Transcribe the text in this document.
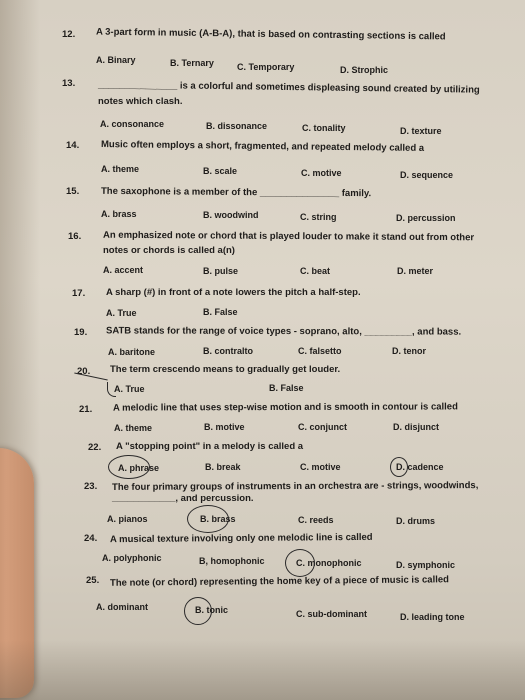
12. A 3-part form in music (A-B-A), that is based on contrasting sections is called
A. Binary	B. Ternary	C. Temporary	D. Strophic
13. _______________ is a colorful and sometimes displeasing sound created by utilizing
notes which clash.
A. consonance	B. dissonance	C. tonality	D. texture
14. Music often employs a short, fragmented, and repeated melody called a
A. theme	B. scale	C. motive	D. sequence
15. The saxophone is a member of the _______________ family.
A. brass	B. woodwind	C. string	D. percussion
16. An emphasized note or chord that is played louder to make it stand out from other
notes or chords is called a(n)
A. accent	B. pulse	C. beat	D. meter
17. A sharp (#) in front of a note lowers the pitch a half-step.
A. True	B. False
19. SATB stands for the range of voice types - soprano, alto, _________, and bass.
A. baritone	B. contralto	C. falsetto	D. tenor
20. The term crescendo means to gradually get louder.
A. True	B. False
21. A melodic line that uses step-wise motion and is smooth in contour is called
A. theme	B. motive	C. conjunct	D. disjunct
22. A "stopping point" in a melody is called a
A. phrase	B. break	C. motive	D. cadence
23. The four primary groups of instruments in an orchestra are - strings, woodwinds,
____________, and percussion.
A. pianos	B. brass	C. reeds	D. drums
24. A musical texture involving only one melodic line is called
A. polyphonic	B, homophonic	C. monophonic	D. symphonic
25. The note (or chord) representing the home key of a piece of music is called
A. dominant	B. tonic	C. sub-dominant	D. leading tone
